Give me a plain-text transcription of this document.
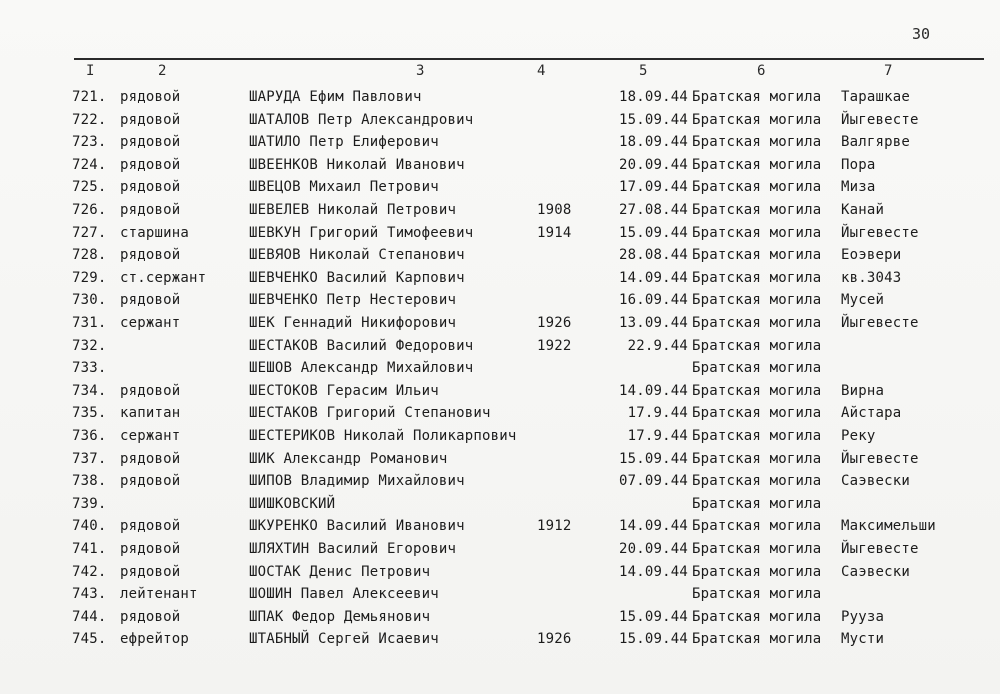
30
I	2	3	4	5	6	7
721. рядовой	ШАРУДА Ефим Павлович	18.09.44 Братская могила	Тарашкае
722. рядовой	ШАТАЛОВ Петр Александрович	15.09.44 Братская могила	Йыгевесте
723. рядовой	ШАТИЛО Петр Елиферович	18.09.44 Братская могила	Валгярве
724. рядовой	ШВЕЕНКОВ Николай Иванович	20.09.44 Братская могила	Пора
725. рядовой	ШВЕЦОВ Михаил Петрович	17.09.44 Братская могила	Миза
726. рядовой	ШЕВЕЛЕВ Николай Петрович	1908	27.08.44 Братская могила	Канай
727. старшина	ШЕВКУН Григорий Тимофеевич	1914	15.09.44 Братская могила	Йыгевесте
728. рядовой	ШЕВЯОВ Николай Степанович	28.08.44 Братская могила	Еоэвери
729. ст.сержант	ШЕВЧЕНКО Василий Карпович	14.09.44 Братская могила	кв.3043
730. рядовой	ШЕВЧЕНКО Петр Нестерович	16.09.44 Братская могила	Мусей
731. сержант	ШЕК Геннадий Никифорович	1926	13.09.44 Братская могила	Йыгевесте
732.	ШЕСТАКОВ Василий Федорович	1922	22.9.44 Братская могила
733.	ШЕШОВ Александр Михайлович	Братская могила
734. рядовой	ШЕСТОКОВ Герасим Ильич	14.09.44 Братская могила	Вирна
735. капитан	ШЕСТАКОВ Григорий Степанович	17.9.44 Братская могила	Айстара
736. сержант	ШЕСТЕРИКОВ Николай Поликарпович	17.9.44 Братская могила	Реку
737. рядовой	ШИК Александр Романович	15.09.44 Братская могила	Йыгевесте
738. рядовой	ШИПОВ Владимир Михайлович	07.09.44 Братская могила	Саэвески
739.	ШИШКОВСКИЙ	Братская могила
740. рядовой	ШКУРЕНКО Василий Иванович	1912	14.09.44 Братская могила	Максимельши
741. рядовой	ШЛЯХТИН Василий Егорович	20.09.44 Братская могила	Йыгевесте
742. рядовой	ШОСТАК Денис Петрович	14.09.44 Братская могила	Саэвески
743. лейтенант	ШОШИН Павел Алексеевич	Братская могила
744. рядовой	ШПАК Федор Демьянович	15.09.44 Братская могила	Рууза
745. ефрейтор	ШТАБНЫЙ Сергей Исаевич	1926	15.09.44 Братская могила	Мусти
